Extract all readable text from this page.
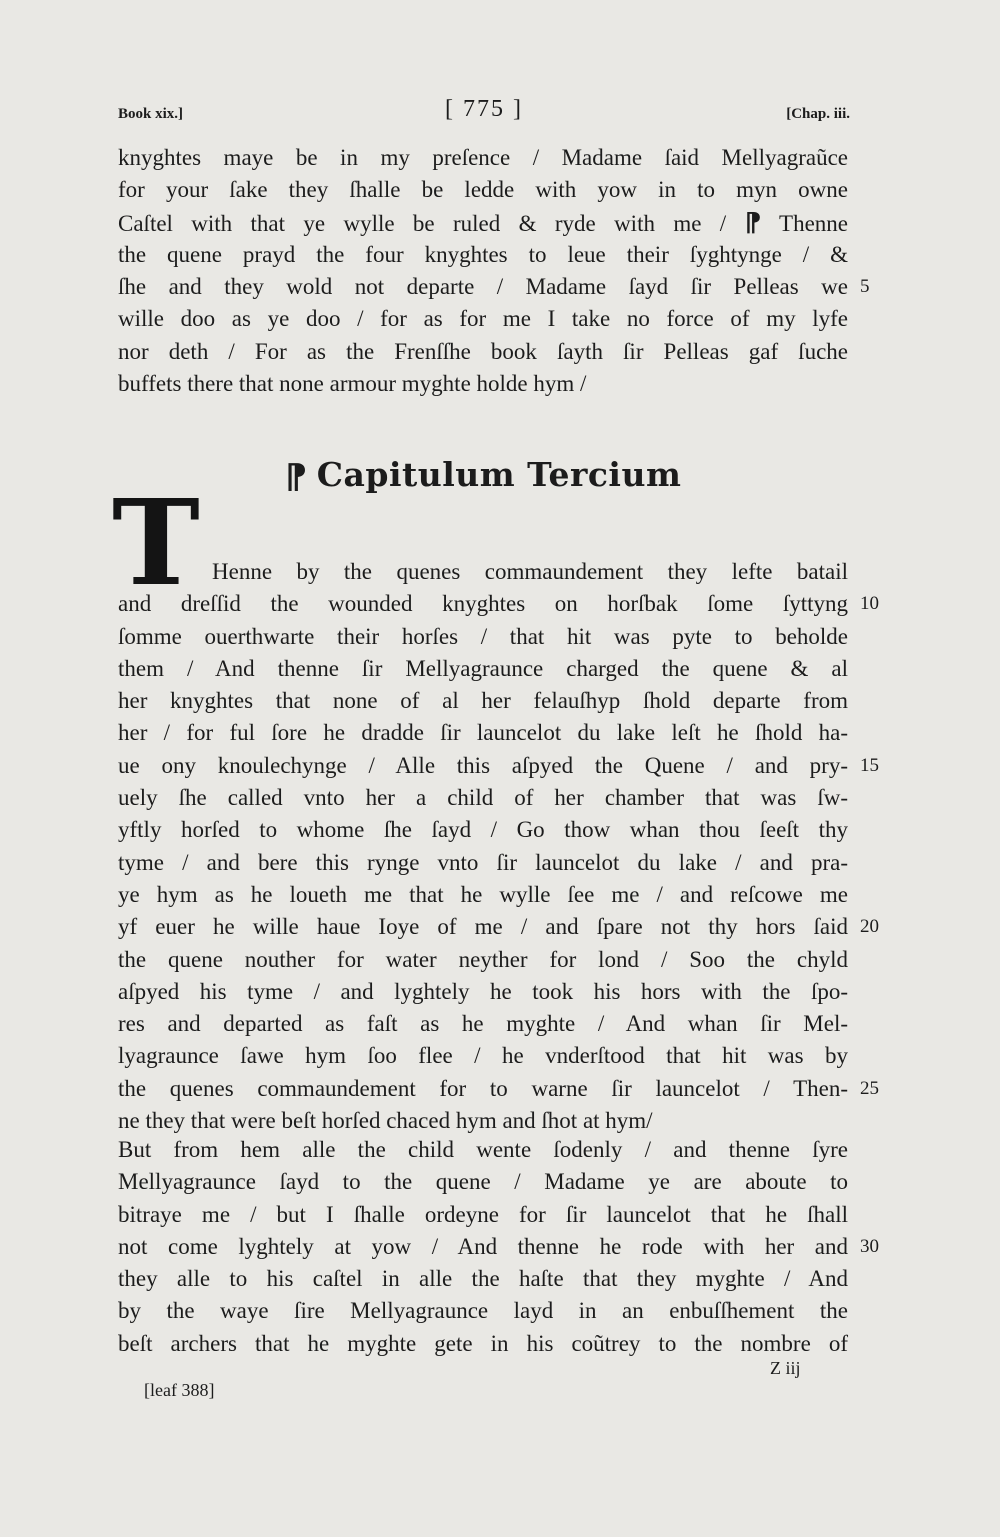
Book xix.]	[ 775 ]	[Chap. iii.
knyghtes maye be in my preſence / Madame ſaid Mellyagraũce
for your ſake they ſhalle be ledde with yow in to myn owne
Caſtel with that ye wylle be ruled & ryde with me / ¶ Thenne
the quene prayd the four knyghtes to leue their ſyghtynge / &
ſhe and they wold not departe / Madame ſayd ſir Pelleas we 5
wille doo as ye doo / for as for me I take no force of my lyfe
nor deth / For as the Frenſſhe book ſayth ſir Pelleas gaf ſuche
buffets there that none armour myghte holde hym /
¶ Capitulum Tercium
T Henne by the quenes commaundement they lefte batail
and dreſſid the wounded knyghtes on horſbak ſome ſyttyng 10
ſomme ouerthwarte their horſes / that hit was pyte to beholde
them / And thenne ſir Mellyagraunce charged the quene & al
her knyghtes that none of al her felauſhyp ſhold departe from
her / for ful ſore he dradde ſir launcelot du lake leſt he ſhold ha-
ue ony knoulechynge / Alle this aſpyed the Quene / and pry- 15
uely ſhe called vnto her a child of her chamber that was ſw-
yftly horſed to whome ſhe ſayd / Go thow whan thou ſeeſt thy
tyme / and bere this rynge vnto ſir launcelot du lake / and pra-
ye hym as he loueth me that he wylle ſee me / and reſcowe me
yf euer he wille haue Ioye of me / and ſpare not thy hors ſaid 20
the quene nouther for water neyther for lond / Soo the chyld
aſpyed his tyme / and lyghtely he took his hors with the ſpo-
res and departed as faſt as he myghte / And whan ſir Mel-
lyagraunce ſawe hym ſoo flee / he vnderſtood that hit was by
the quenes commaundement for to warne ſir launcelot / Then- 25
ne they that were beſt horſed chaced hym and ſhot at hym/
But from hem alle the child wente ſodenly / and thenne ſyre
Mellyagraunce ſayd to the quene / Madame ye are aboute to
bitraye me / but I ſhalle ordeyne for ſir launcelot that he ſhall
not come lyghtely at yow / And thenne he rode with her and 30
they alle to his caſtel in alle the haſte that they myghte / And
by the waye ſire Mellyagraunce layd in an enbuſſhement the
beſt archers that he myghte gete in his coũtrey to the nombre of
[leaf 388]
Z iij
